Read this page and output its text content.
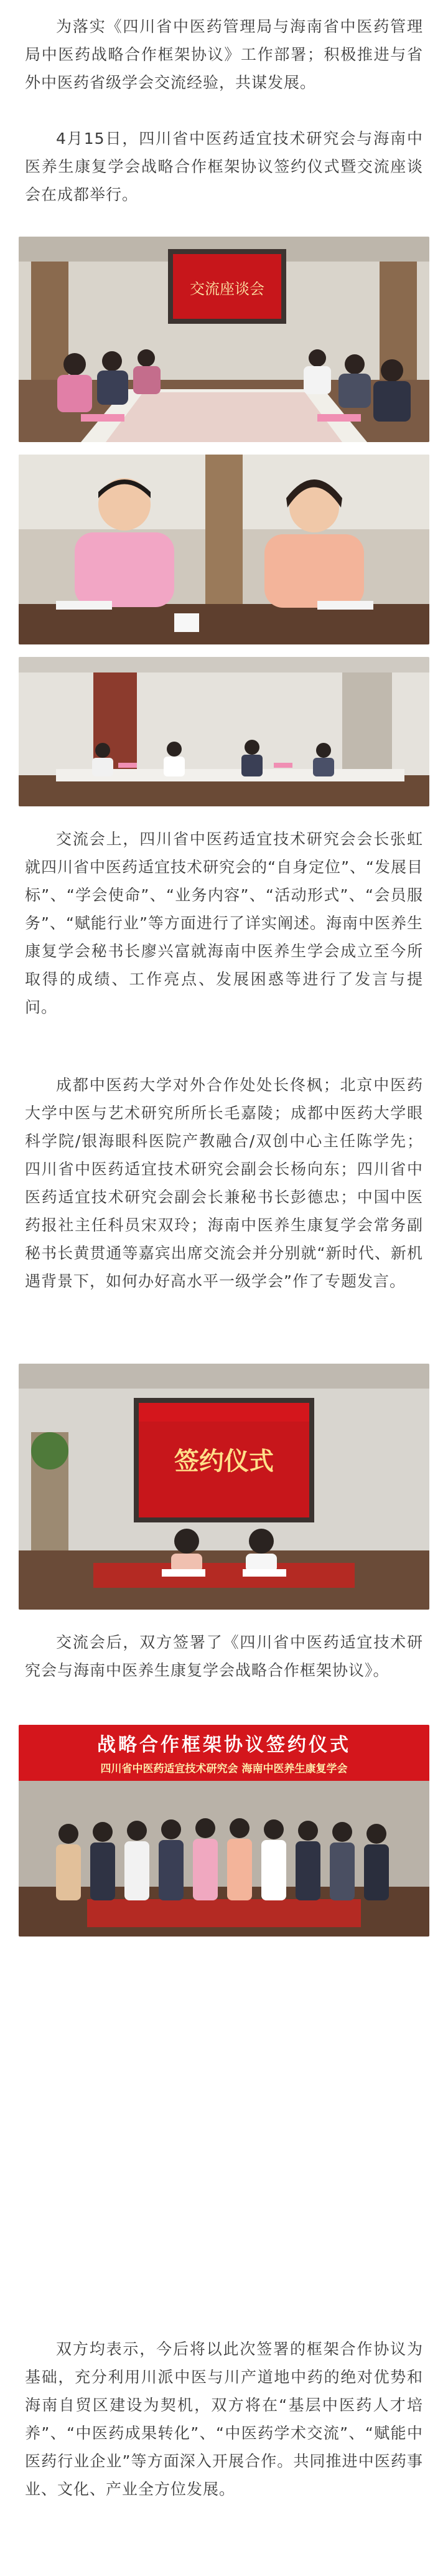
为落实《四川省中医药管理局与海南省中医药管理局中医药战略合作框架协议》工作部署；积极推进与省外中医药省级学会交流经验，共谋发展。

4月15日，四川省中医药适宜技术研究会与海南中医养生康复学会战略合作框架协议签约仪式暨交流座谈会在成都举行。

交流座谈会

交流会上，四川省中医药适宜技术研究会会长张虹就四川省中医药适宜技术研究会的“自身定位”、“发展目标”、“学会使命”、“业务内容”、“活动形式”、“会员服务”、“赋能行业”等方面进行了详实阐述。海南中医养生康复学会秘书长廖兴富就海南中医养生学会成立至今所取得的成绩、工作亮点、发展困惑等进行了发言与提问。

成都中医药大学对外合作处处长佟枫；北京中医药大学中医与艺术研究所所长毛嘉陵；成都中医药大学眼科学院/银海眼科医院产教融合/双创中心主任陈学先；四川省中医药适宜技术研究会副会长杨向东；四川省中医药适宜技术研究会副会长兼秘书长彭德忠；中国中医药报社主任科员宋双玲；海南中医养生康复学会常务副秘书长黄贯通等嘉宾出席交流会并分别就“新时代、新机遇背景下，如何办好高水平一级学会”作了专题发言。

签约仪式

交流会后，双方签署了《四川省中医药适宜技术研究会与海南中医养生康复学会战略合作框架协议》。

战略合作框架协议签约仪式
四川省中医药适宜技术研究会 海南中医养生康复学会

双方均表示，今后将以此次签署的框架合作协议为基础，充分利用川派中医与川产道地中药的绝对优势和海南自贸区建设为契机，双方将在“基层中医药人才培养”、“中医药成果转化”、“中医药学术交流”、“赋能中医药行业企业”等方面深入开展合作。共同推进中医药事业、文化、产业全方位发展。
